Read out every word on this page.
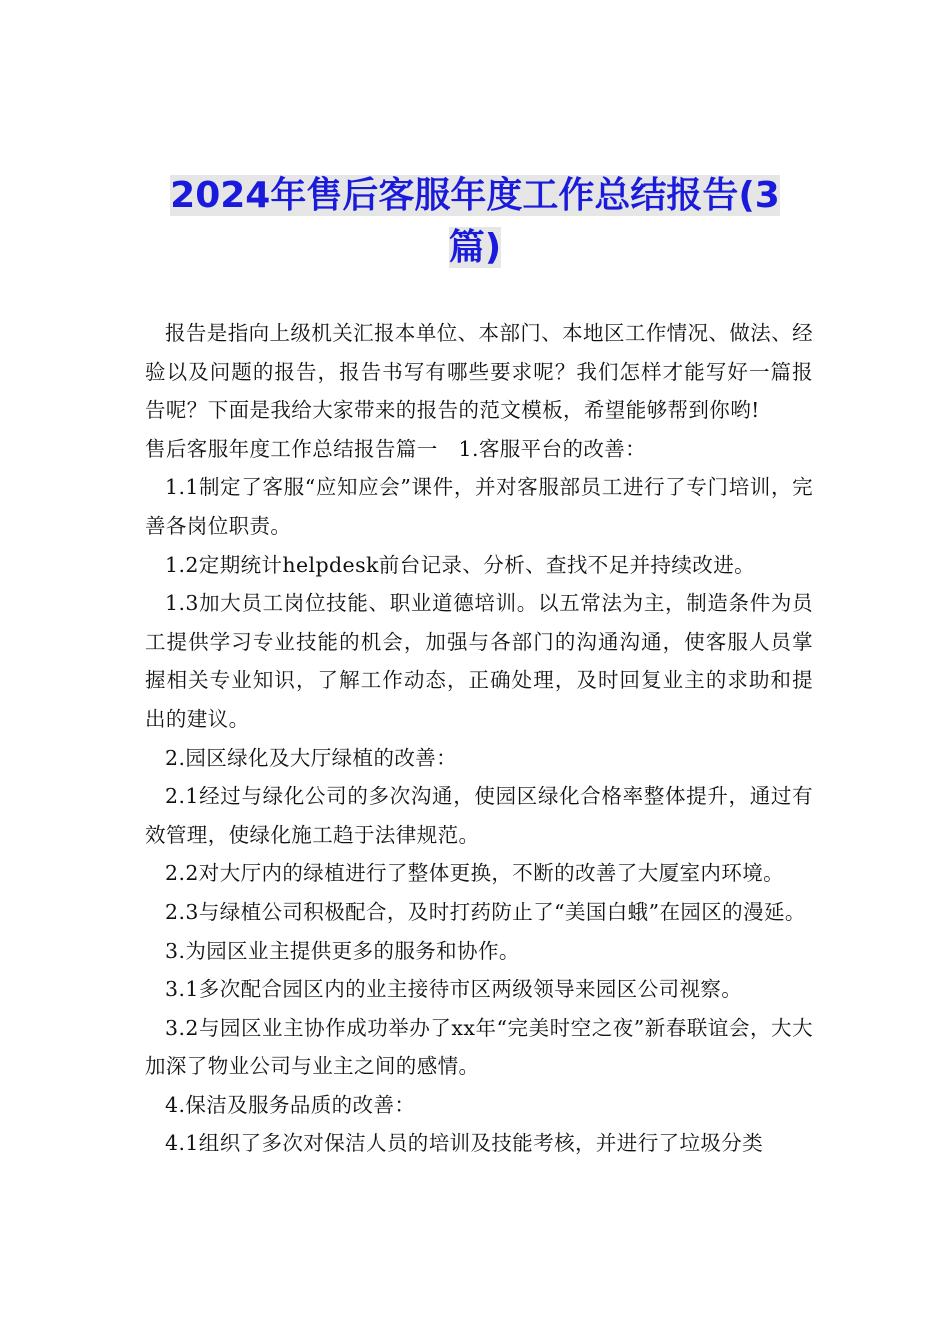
2024年售后客服年度工作总结报告(3
篇)

报告是指向上级机关汇报本单位、本部门、本地区工作情况、做法、经验以及问题的报告，报告书写有哪些要求呢？我们怎样才能写好一篇报告呢？下面是我给大家带来的报告的范文模板，希望能够帮到你哟!

售后客服年度工作总结报告篇一　1.客服平台的改善：

1.1制定了客服“应知应会”课件，并对客服部员工进行了专门培训，完善各岗位职责。

1.2定期统计helpdesk前台记录、分析、查找不足并持续改进。

1.3加大员工岗位技能、职业道德培训。以五常法为主，制造条件为员工提供学习专业技能的机会，加强与各部门的沟通沟通，使客服人员掌握相关专业知识，了解工作动态，正确处理，及时回复业主的求助和提出的建议。

2.园区绿化及大厅绿植的改善：

2.1经过与绿化公司的多次沟通，使园区绿化合格率整体提升，通过有效管理，使绿化施工趋于法律规范。

2.2对大厅内的绿植进行了整体更换，不断的改善了大厦室内环境。

2.3与绿植公司积极配合，及时打药防止了“美国白蛾”在园区的漫延。

3.为园区业主提供更多的服务和协作。

3.1多次配合园区内的业主接待市区两级领导来园区公司视察。

3.2与园区业主协作成功举办了xx年“完美时空之夜”新春联谊会，大大加深了物业公司与业主之间的感情。

4.保洁及服务品质的改善：

4.1组织了多次对保洁人员的培训及技能考核，并进行了垃圾分类
